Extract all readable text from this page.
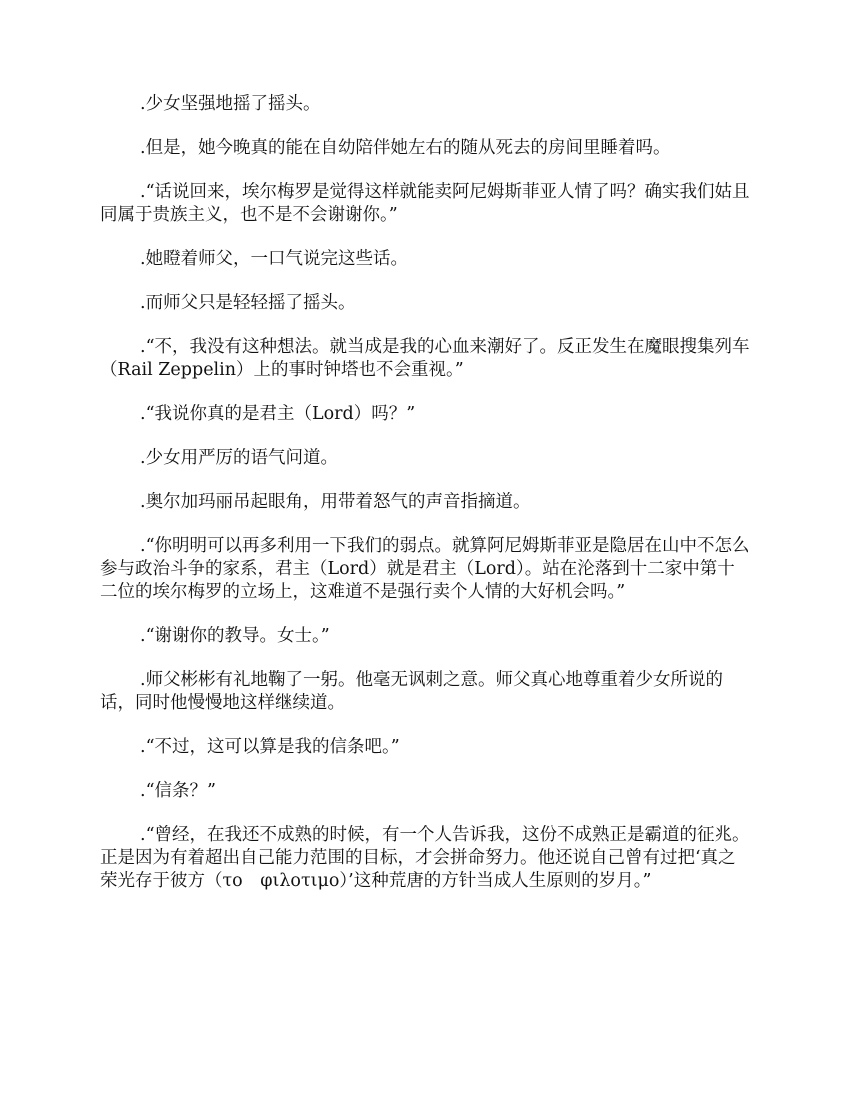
.少女坚强地摇了摇头。

.但是，她今晚真的能在自幼陪伴她左右的随从死去的房间里睡着吗。

.“话说回来，埃尔梅罗是觉得这样就能卖阿尼姆斯菲亚人情了吗？确实我们姑且同属于贵族主义，也不是不会谢谢你。”

.她瞪着师父，一口气说完这些话。

.而师父只是轻轻摇了摇头。

.“不，我没有这种想法。就当成是我的心血来潮好了。反正发生在魔眼搜集列车（Rail Zeppelin）上的事时钟塔也不会重视。”

.“我说你真的是君主（Lord）吗？”

.少女用严厉的语气问道。

.奥尔加玛丽吊起眼角，用带着怒气的声音指摘道。

.“你明明可以再多利用一下我们的弱点。就算阿尼姆斯菲亚是隐居在山中不怎么参与政治斗争的家系，君主（Lord）就是君主（Lord）。站在沦落到十二家中第十二位的埃尔梅罗的立场上，这难道不是强行卖个人情的大好机会吗。”

.“谢谢你的教导。女士。”

.师父彬彬有礼地鞠了一躬。他毫无讽刺之意。师父真心地尊重着少女所说的话，同时他慢慢地这样继续道。

.“不过，这可以算是我的信条吧。”

.“信条？”

.“曾经，在我还不成熟的时候，有一个人告诉我，这份不成熟正是霸道的征兆。正是因为有着超出自己能力范围的目标，才会拼命努力。他还说自己曾有过把‘真之荣光存于彼方（το　φιλοτιμο）’这种荒唐的方针当成人生原则的岁月。”
